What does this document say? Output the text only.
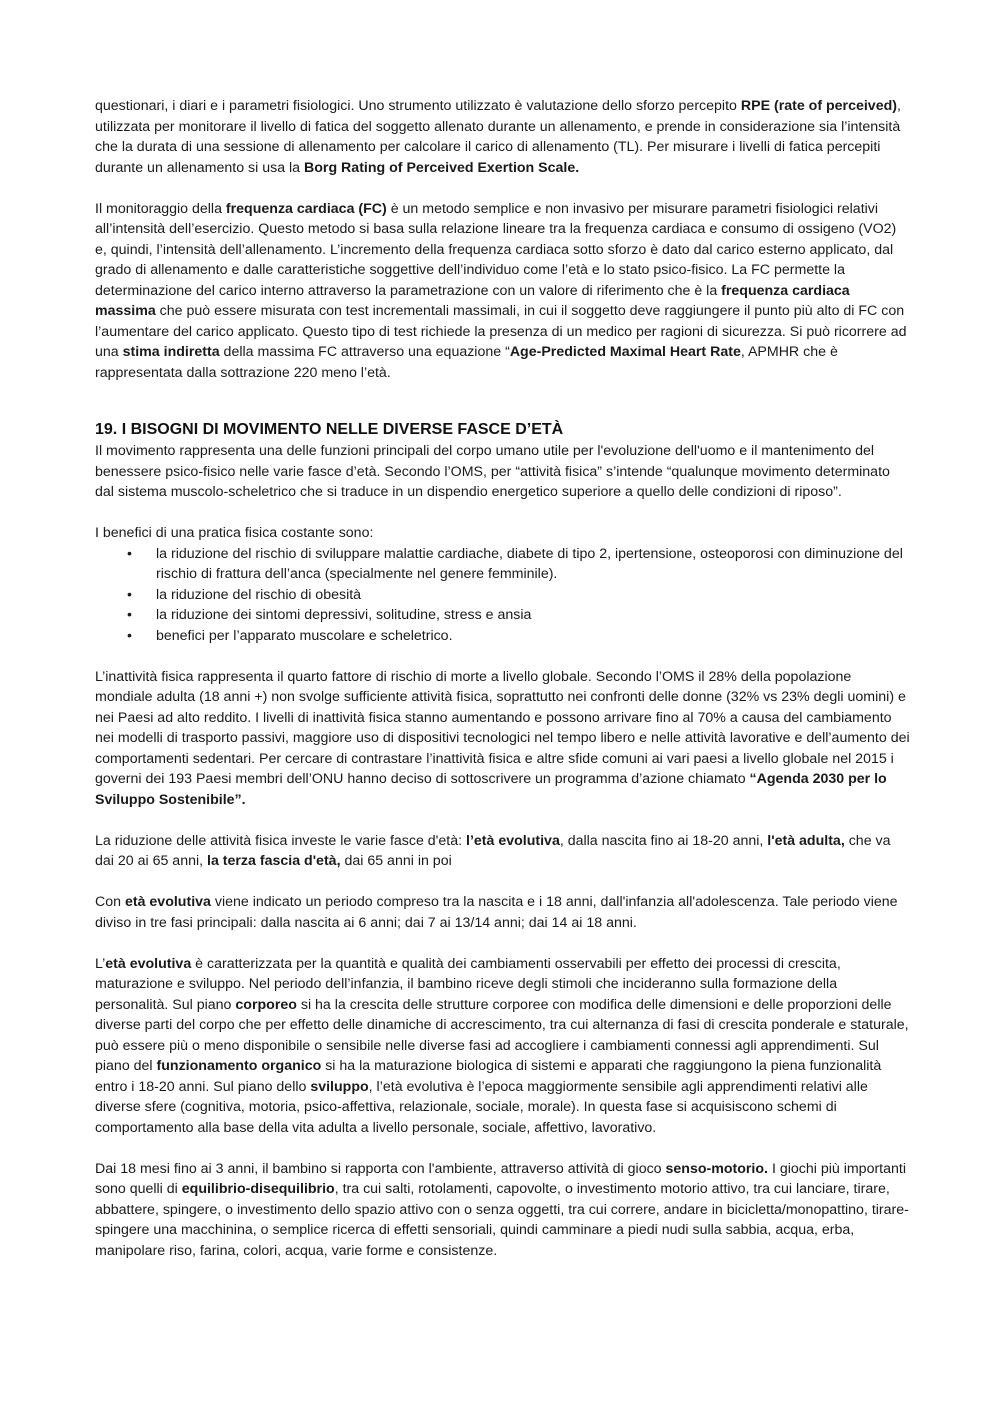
questionari, i diari e i parametri fisiologici. Uno strumento utilizzato è valutazione dello sforzo percepito RPE (rate of perceived), utilizzata per monitorare il livello di fatica del soggetto allenato durante un allenamento, e prende in considerazione sia l’intensità che la durata di una sessione di allenamento per calcolare il carico di allenamento (TL). Per misurare i livelli di fatica percepiti durante un allenamento si usa la Borg Rating of Perceived Exertion Scale.

Il monitoraggio della frequenza cardiaca (FC) è un metodo semplice e non invasivo per misurare parametri fisiologici relativi all’intensità dell’esercizio. Questo metodo si basa sulla relazione lineare tra la frequenza cardiaca e consumo di ossigeno (VO2) e, quindi, l’intensità dell’allenamento. L’incremento della frequenza cardiaca sotto sforzo è dato dal carico esterno applicato, dal grado di allenamento e dalle caratteristiche soggettive dell’individuo come l’età e lo stato psico-fisico. La FC permette la determinazione del carico interno attraverso la parametrazione con un valore di riferimento che è la frequenza cardiaca massima che può essere misurata con test incrementali massimali, in cui il soggetto deve raggiungere il punto più alto di FC con l’aumentare del carico applicato. Questo tipo di test richiede la presenza di un medico per ragioni di sicurezza. Si può ricorrere ad una stima indiretta della massima FC attraverso una equazione “Age-Predicted Maximal Heart Rate, APMHR che è rappresentata dalla sottrazione 220 meno l’età.

19. I BISOGNI DI MOVIMENTO NELLE DIVERSE FASCE D’ETÀ

Il movimento rappresenta una delle funzioni principali del corpo umano utile per l'evoluzione dell'uomo e il mantenimento del benessere psico-fisico nelle varie fasce d’età. Secondo l’OMS, per “attività fisica” s’intende “qualunque movimento determinato dal sistema muscolo-scheletrico che si traduce in un dispendio energetico superiore a quello delle condizioni di riposo”.

I benefici di una pratica fisica costante sono:

•	la riduzione del rischio di sviluppare malattie cardiache, diabete di tipo 2, ipertensione, osteoporosi con diminuzione del rischio di frattura dell’anca (specialmente nel genere femminile).
•	la riduzione del rischio di obesità
•	la riduzione dei sintomi depressivi, solitudine, stress e ansia
•	benefici per l’apparato muscolare e scheletrico.

L’inattività fisica rappresenta il quarto fattore di rischio di morte a livello globale. Secondo l’OMS il 28% della popolazione mondiale adulta (18 anni +) non svolge sufficiente attività fisica, soprattutto nei confronti delle donne (32% vs 23% degli uomini) e nei Paesi ad alto reddito. I livelli di inattività fisica stanno aumentando e possono arrivare fino al 70% a causa del cambiamento nei modelli di trasporto passivi, maggiore uso di dispositivi tecnologici nel tempo libero e nelle attività lavorative e dell’aumento dei comportamenti sedentari. Per cercare di contrastare l’inattività fisica e altre sfide comuni ai vari paesi a livello globale nel 2015 i governi dei 193 Paesi membri dell’ONU hanno deciso di sottoscrivere un programma d’azione chiamato “Agenda 2030 per lo Sviluppo Sostenibile”.

La riduzione delle attività fisica investe le varie fasce d'età: l’età evolutiva, dalla nascita fino ai 18-20 anni, l'età adulta, che va dai 20 ai 65 anni, la terza fascia d'età, dai 65 anni in poi

Con età evolutiva viene indicato un periodo compreso tra la nascita e i 18 anni, dall'infanzia all'adolescenza. Tale periodo viene diviso in tre fasi principali: dalla nascita ai 6 anni; dai 7 ai 13/14 anni; dai 14 ai 18 anni.

L’età evolutiva è caratterizzata per la quantità e qualità dei cambiamenti osservabili per effetto dei processi di crescita, maturazione e sviluppo. Nel periodo dell’infanzia, il bambino riceve degli stimoli che incideranno sulla formazione della personalità. Sul piano corporeo si ha la crescita delle strutture corporee con modifica delle dimensioni e delle proporzioni delle diverse parti del corpo che per effetto delle dinamiche di accrescimento, tra cui alternanza di fasi di crescita ponderale e staturale, può essere più o meno disponibile o sensibile nelle diverse fasi ad accogliere i cambiamenti connessi agli apprendimenti. Sul piano del funzionamento organico si ha la maturazione biologica di sistemi e apparati che raggiungono la piena funzionalità entro i 18-20 anni. Sul piano dello sviluppo, l’età evolutiva è l’epoca maggiormente sensibile agli apprendimenti relativi alle diverse sfere (cognitiva, motoria, psico-affettiva, relazionale, sociale, morale). In questa fase si acquisiscono schemi di comportamento alla base della vita adulta a livello personale, sociale, affettivo, lavorativo.

Dai 18 mesi fino ai 3 anni, il bambino si rapporta con l'ambiente, attraverso attività di gioco senso-motorio. I giochi più importanti sono quelli di equilibrio-disequilibrio, tra cui salti, rotolamenti, capovolte, o investimento motorio attivo, tra cui lanciare, tirare, abbattere, spingere, o investimento dello spazio attivo con o senza oggetti, tra cui correre, andare in bicicletta/monopattino, tirare-spingere una macchinina, o semplice ricerca di effetti sensoriali, quindi camminare a piedi nudi sulla sabbia, acqua, erba, manipolare riso, farina, colori, acqua, varie forme e consistenze.
